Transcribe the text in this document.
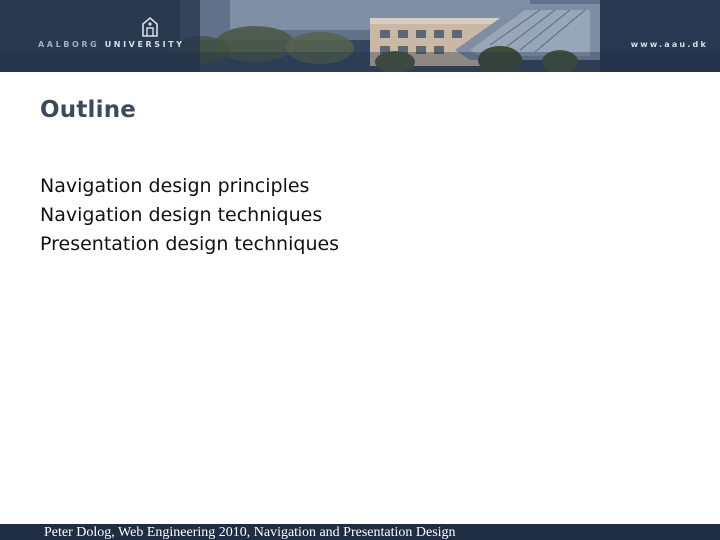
AALBORG UNIVERSITY	www.aau.dk
Outline
Navigation design principles
Navigation design techniques
Presentation design techniques
Peter Dolog, Web Engineering 2010, Navigation and Presentation Design
